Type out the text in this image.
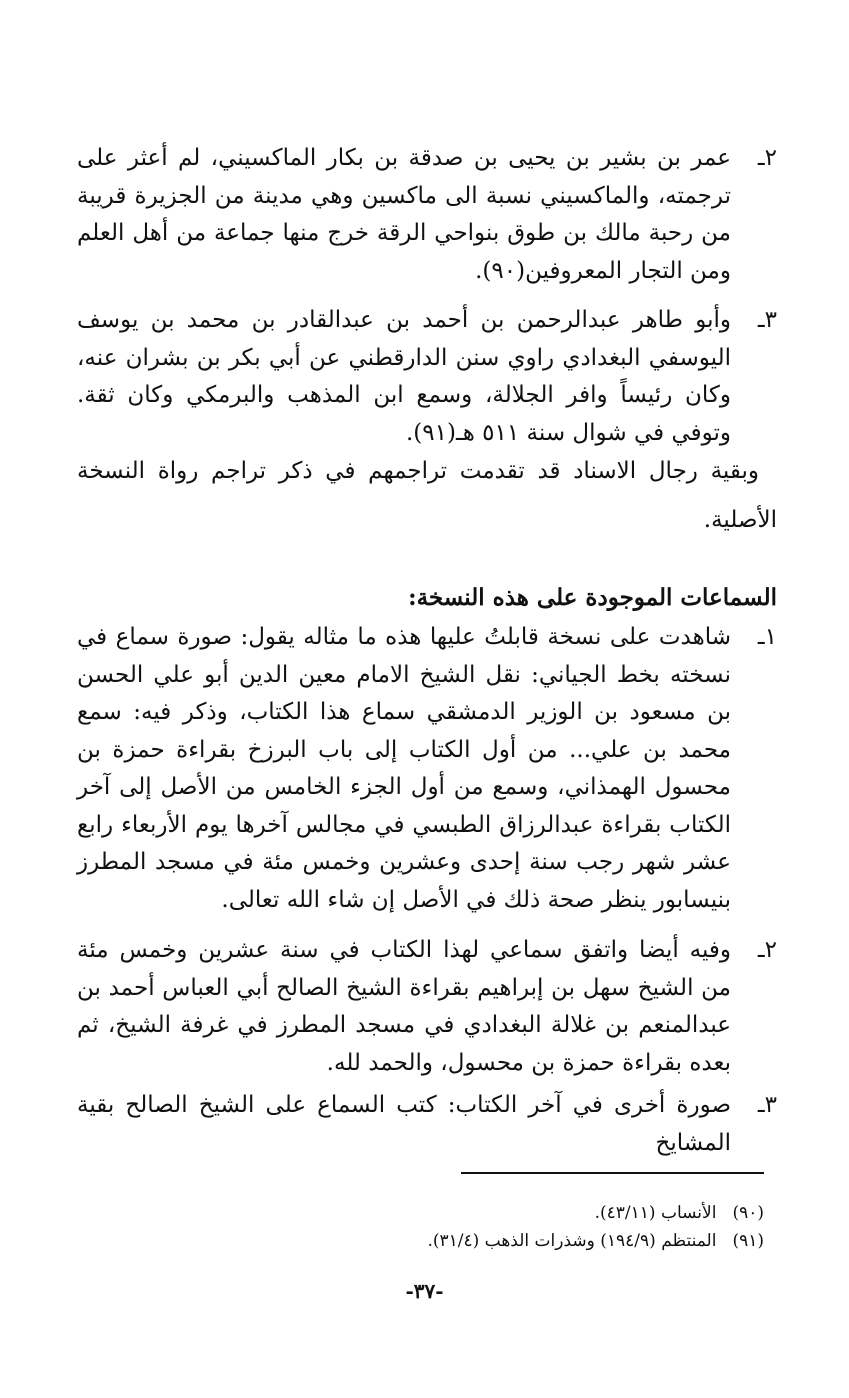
٢ـ
عمر بن بشير بن يحيى بن صدقة بن بكار الماكسيني، لم أعثر على ترجمته، والماكسيني نسبة الى ماكسين وهي مدينة من الجزيرة قريبة من رحبة مالك بن طوق بنواحي الرقة خرج منها جماعة من أهل العلم ومن التجار المعروفين(٩٠).
٣ـ
وأبو طاهر عبدالرحمن بن أحمد بن عبدالقادر بن محمد بن يوسف اليوسفي البغدادي راوي سنن الدارقطني عن أبي بكر بن بشران عنه، وكان رئيساً وافر الجلالة، وسمع ابن المذهب والبرمكي وكان ثقة. وتوفي في شوال سنة ٥١١ هـ(٩١).
وبقية رجال الاسناد قد تقدمت تراجمهم في ذكر تراجم رواة النسخة الأصلية.
السماعات الموجودة على هذه النسخة:
١ـ
شاهدت على نسخة قابلتُ عليها هذه ما مثاله يقول: صورة سماع في نسخته بخط الجياني: نقل الشيخ الامام معين الدين أبو علي الحسن بن مسعود بن الوزير الدمشقي سماع هذا الكتاب، وذكر فيه: سمع محمد بن علي... من أول الكتاب إلى باب البرزخ بقراءة حمزة بن محسول الهمذاني، وسمع من أول الجزء الخامس من الأصل إلى آخر الكتاب بقراءة عبدالرزاق الطبسي في مجالس آخرها يوم الأربعاء رابع عشر شهر رجب سنة إحدى وعشرين وخمس مئة في مسجد المطرز بنيسابور ينظر صحة ذلك في الأصل إن شاء الله تعالى.
٢ـ
وفيه أيضا واتفق سماعي لهذا الكتاب في سنة عشرين وخمس مئة من الشيخ سهل بن إبراهيم بقراءة الشيخ الصالح أبي العباس أحمد بن عبدالمنعم بن غلالة البغدادي في مسجد المطرز في غرفة الشيخ، ثم بعده بقراءة حمزة بن محسول، والحمد لله.
٣ـ
صورة أخرى في آخر الكتاب: كتب السماع على الشيخ الصالح بقية المشايخ
(٩٠)الأنساب (٤٣/١١).
(٩١)المنتظم (١٩٤/٩) وشذرات الذهب (٣١/٤).
-٣٧-
